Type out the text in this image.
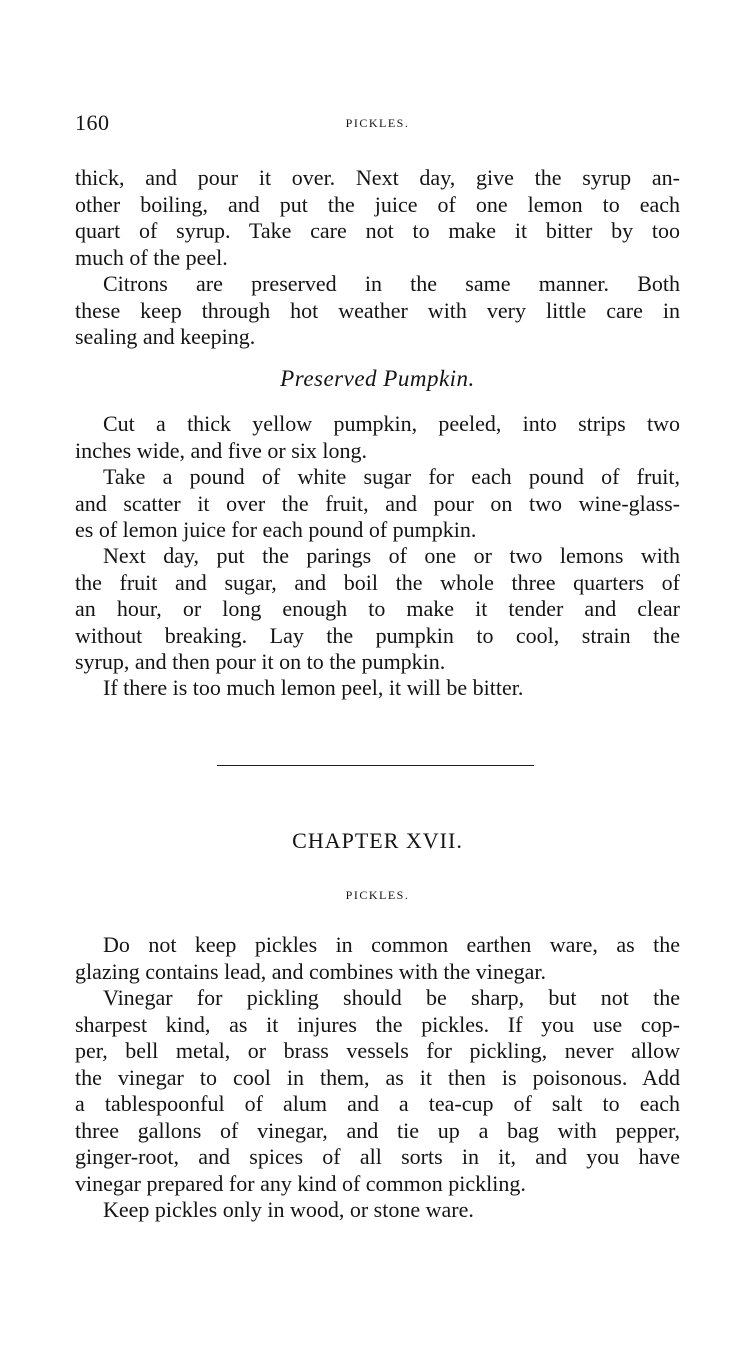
160	PICKLES.
thick, and pour it over. Next day, give the syrup an-
other boiling, and put the juice of one lemon to each
quart of syrup. Take care not to make it bitter by too
much of the peel.
Citrons are preserved in the same manner. Both
these keep through hot weather with very little care in
sealing and keeping.
Preserved Pumpkin.
Cut a thick yellow pumpkin, peeled, into strips two
inches wide, and five or six long.
Take a pound of white sugar for each pound of fruit,
and scatter it over the fruit, and pour on two wine-glass-
es of lemon juice for each pound of pumpkin.
Next day, put the parings of one or two lemons with
the fruit and sugar, and boil the whole three quarters of
an hour, or long enough to make it tender and clear
without breaking. Lay the pumpkin to cool, strain the
syrup, and then pour it on to the pumpkin.
If there is too much lemon peel, it will be bitter.
CHAPTER XVII.
PICKLES.
Do not keep pickles in common earthen ware, as the
glazing contains lead, and combines with the vinegar.
Vinegar for pickling should be sharp, but not the
sharpest kind, as it injures the pickles. If you use cop-
per, bell metal, or brass vessels for pickling, never allow
the vinegar to cool in them, as it then is poisonous. Add
a tablespoonful of alum and a tea-cup of salt to each
three gallons of vinegar, and tie up a bag with pepper,
ginger-root, and spices of all sorts in it, and you have
vinegar prepared for any kind of common pickling.
Keep pickles only in wood, or stone ware.
